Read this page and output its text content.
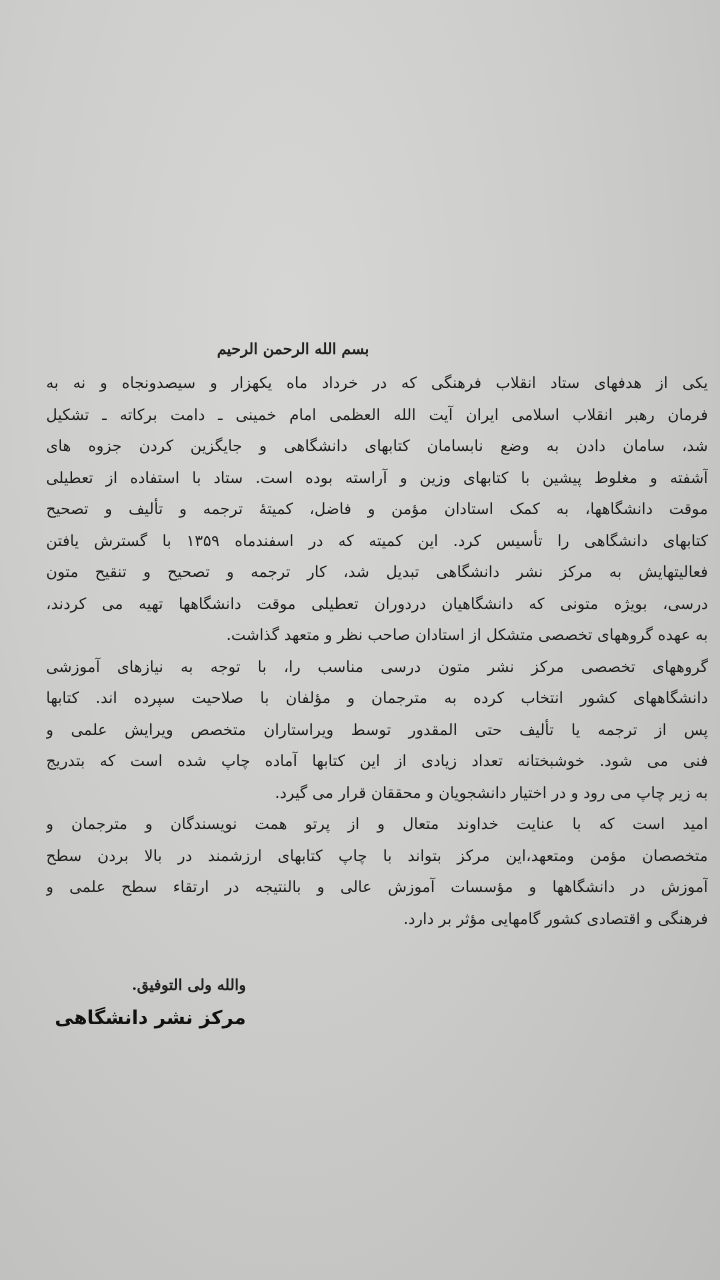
بسم الله الرحمن الرحیم
یکی از هدفهای ستاد انقلاب فرهنگی که در خرداد ماه یکهزار و سیصدونجاه و نه به
فرمان رهبر انقلاب اسلامی ایران آیت الله العظمی امام خمینی ـ دامت برکاته ـ تشکیل
شد، سامان دادن به وضع نابسامان کتابهای دانشگاهی و جایگزین کردن جزوه های
آشفته و مغلوط پیشین با کتابهای وزین و آراسته بوده است. ستاد با استفاده از تعطیلی
موقت دانشگاهها، به کمک استادان مؤمن و فاضل، کمیتهٔ ترجمه و تألیف و تصحیح
کتابهای دانشگاهی را تأسیس کرد. این کمیته که در اسفندماه ۱۳۵۹ با گسترش یافتن
فعالیتهایش به مرکز نشر دانشگاهی تبدیل شد، کار ترجمه و تصحیح و تنقیح متون
درسی، بویژه متونی که دانشگاهیان دردوران تعطیلی موقت دانشگاهها تهیه می کردند،
به عهده گروههای تخصصی متشکل از استادان صاحب نظر و متعهد گذاشت.
گروههای تخصصی مرکز نشر متون درسی مناسب را، با توجه به نیازهای آموزشی
دانشگاههای کشور انتخاب کرده به مترجمان و مؤلفان با صلاحیت سپرده اند. کتابها
پس از ترجمه یا تألیف حتی المقدور توسط ویراستاران متخصص ویرایش علمی و
فنی می شود. خوشبختانه تعداد زیادی از این کتابها آماده چاپ شده است که بتدریج
به زیر چاپ می رود و در اختیار دانشجویان و محققان قرار می گیرد.
امید است که با عنایت خداوند متعال و از پرتو همت نویسندگان و مترجمان و
متخصصان مؤمن ومتعهد،این مرکز بتواند با چاپ کتابهای ارزشمند در بالا بردن سطح
آموزش در دانشگاهها و مؤسسات آموزش عالی و بالنتیجه در ارتقاء سطح علمی و
فرهنگی و اقتصادی کشور گامهایی مؤثر بر دارد.
والله ولی التوفیق.
مرکز نشر دانشگاهی
